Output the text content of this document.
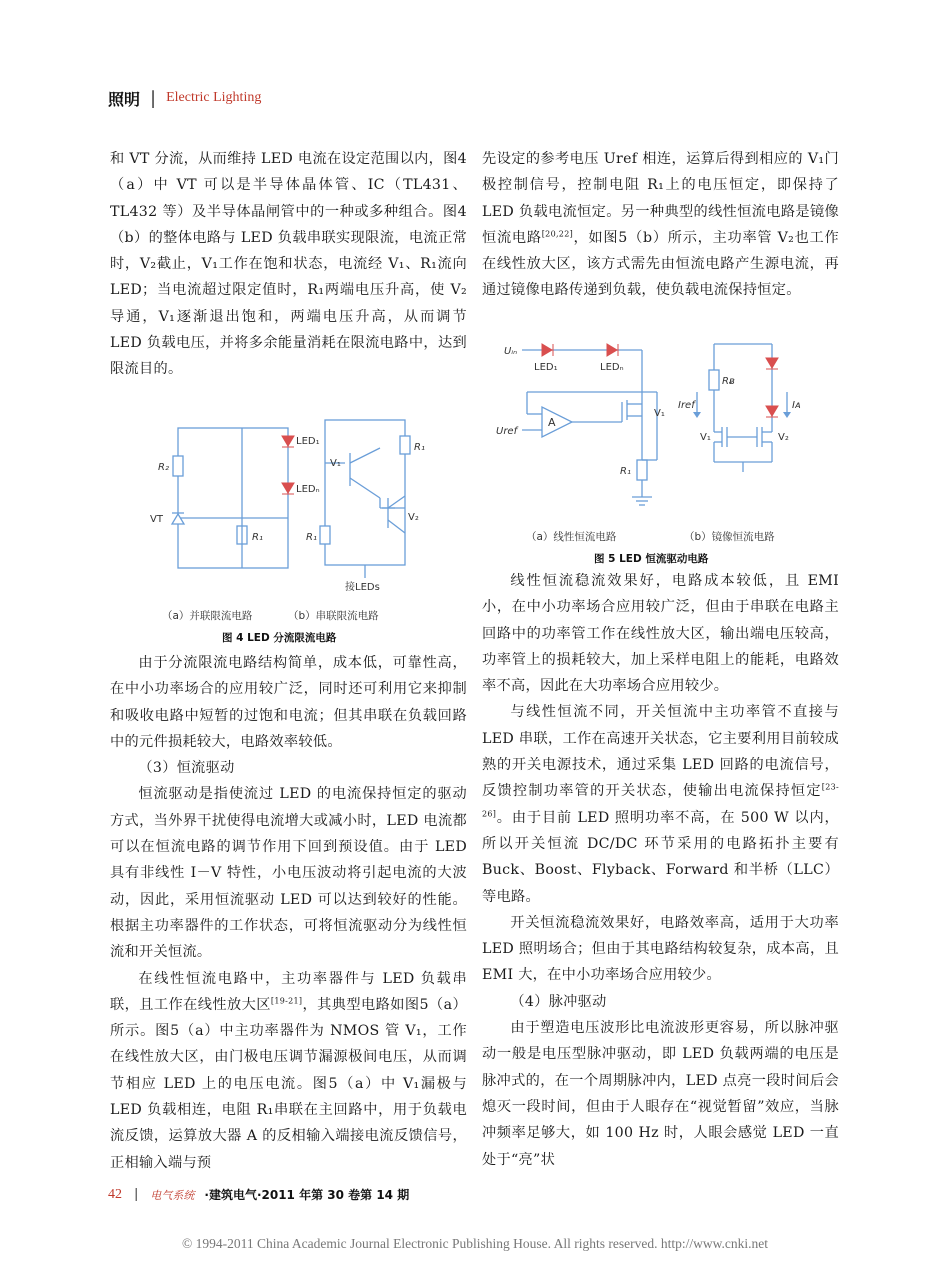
照明 | Electric Lighting

和 VT 分流，从而维持 LED 电流在设定范围以内，图4 （a）中 VT 可以是半导体晶体管、IC（TL431、TL432 等）及半导体晶闸管中的一种或多种组合。图4（b）的整体电路与 LED 负载串联实现限流，电流正常时，V₂截止，V₁工作在饱和状态，电流经 V₁、R₁流向 LED；当电流超过限定值时，R₁两端电压升高，使 V₂导通，V₁逐渐退出饱和，两端电压升高，从而调节 LED 负载电压，并将多余能量消耗在限流电路中，达到限流目的。

LED₁
LEDₙ
R₂
VT
R₁
R₁
R₁
V₁
V₂
接LEDs
（a）并联限流电路	（b）串联限流电路
图 4 LED 分流限流电路

由于分流限流电路结构简单，成本低，可靠性高，在中小功率场合的应用较广泛，同时还可利用它来抑制和吸收电路中短暂的过饱和电流；但其串联在负载回路中的元件损耗较大，电路效率较低。

（3）恒流驱动

恒流驱动是指使流过 LED 的电流保持恒定的驱动方式，当外界干扰使得电流增大或减小时，LED 电流都可以在恒流电路的调节作用下回到预设值。由于 LED 具有非线性 I－V 特性，小电压波动将引起电流的大波动，因此，采用恒流驱动 LED 可以达到较好的性能。根据主功率器件的工作状态，可将恒流驱动分为线性恒流和开关恒流。

在线性恒流电路中，主功率器件与 LED 负载串联，且工作在线性放大区[19-21]，其典型电路如图5（a）所示。图5（a）中主功率器件为 NMOS 管 V₁，工作在线性放大区，由门极电压调节漏源极间电压，从而调节相应 LED 上的电压电流。图5（a）中 V₁漏极与 LED 负载相连，电阻 R₁串联在主回路中，用于负载电流反馈，运算放大器 A 的反相输入端接电流反馈信号，正相输入端与预

先设定的参考电压 Uref 相连，运算后得到相应的 V₁门极控制信号，控制电阻 R₁上的电压恒定，即保持了 LED 负载电流恒定。另一种典型的线性恒流电路是镜像恒流电路[20,22]，如图5（b）所示，主功率管 V₂也工作在线性放大区，该方式需先由恒流电路产生源电流，再通过镜像电路传递到负载，使负载电流保持恒定。

Uᵢₙ
LED₁	LEDₙ
A
Uref
V₁
R₁
Rᴃ
Iref	Iᴀ
V₁	V₂
（a）线性恒流电路	（b）镜像恒流电路
图 5 LED 恒流驱动电路

线性恒流稳流效果好，电路成本较低，且 EMI 小，在中小功率场合应用较广泛，但由于串联在电路主回路中的功率管工作在线性放大区，输出端电压较高，功率管上的损耗较大，加上采样电阻上的能耗，电路效率不高，因此在大功率场合应用较少。

与线性恒流不同，开关恒流中主功率管不直接与 LED 串联，工作在高速开关状态，它主要利用目前较成熟的开关电源技术，通过采集 LED 回路的电流信号，反馈控制功率管的开关状态，使输出电流保持恒定[23-26]。由于目前 LED 照明功率不高，在 500 W 以内，所以开关恒流 DC/DC 环节采用的电路拓扑主要有 Buck、Boost、Flyback、Forward 和半桥（LLC）等电路。

开关恒流稳流效果好，电路效率高，适用于大功率 LED 照明场合；但由于其电路结构较复杂，成本高，且 EMI 大，在中小功率场合应用较少。

（4）脉冲驱动

由于塑造电压波形比电流波形更容易，所以脉冲驱动一般是电压型脉冲驱动，即 LED 负载两端的电压是脉冲式的，在一个周期脉冲内，LED 点亮一段时间后会熄灭一段时间，但由于人眼存在“视觉暂留”效应，当脉冲频率足够大，如 100 Hz 时，人眼会感觉 LED 一直处于“亮”状

42 | 电气系统 ·建筑电气·2011 年第 30 卷第 14 期
© 1994-2011 China Academic Journal Electronic Publishing House. All rights reserved. http://www.cnki.net
